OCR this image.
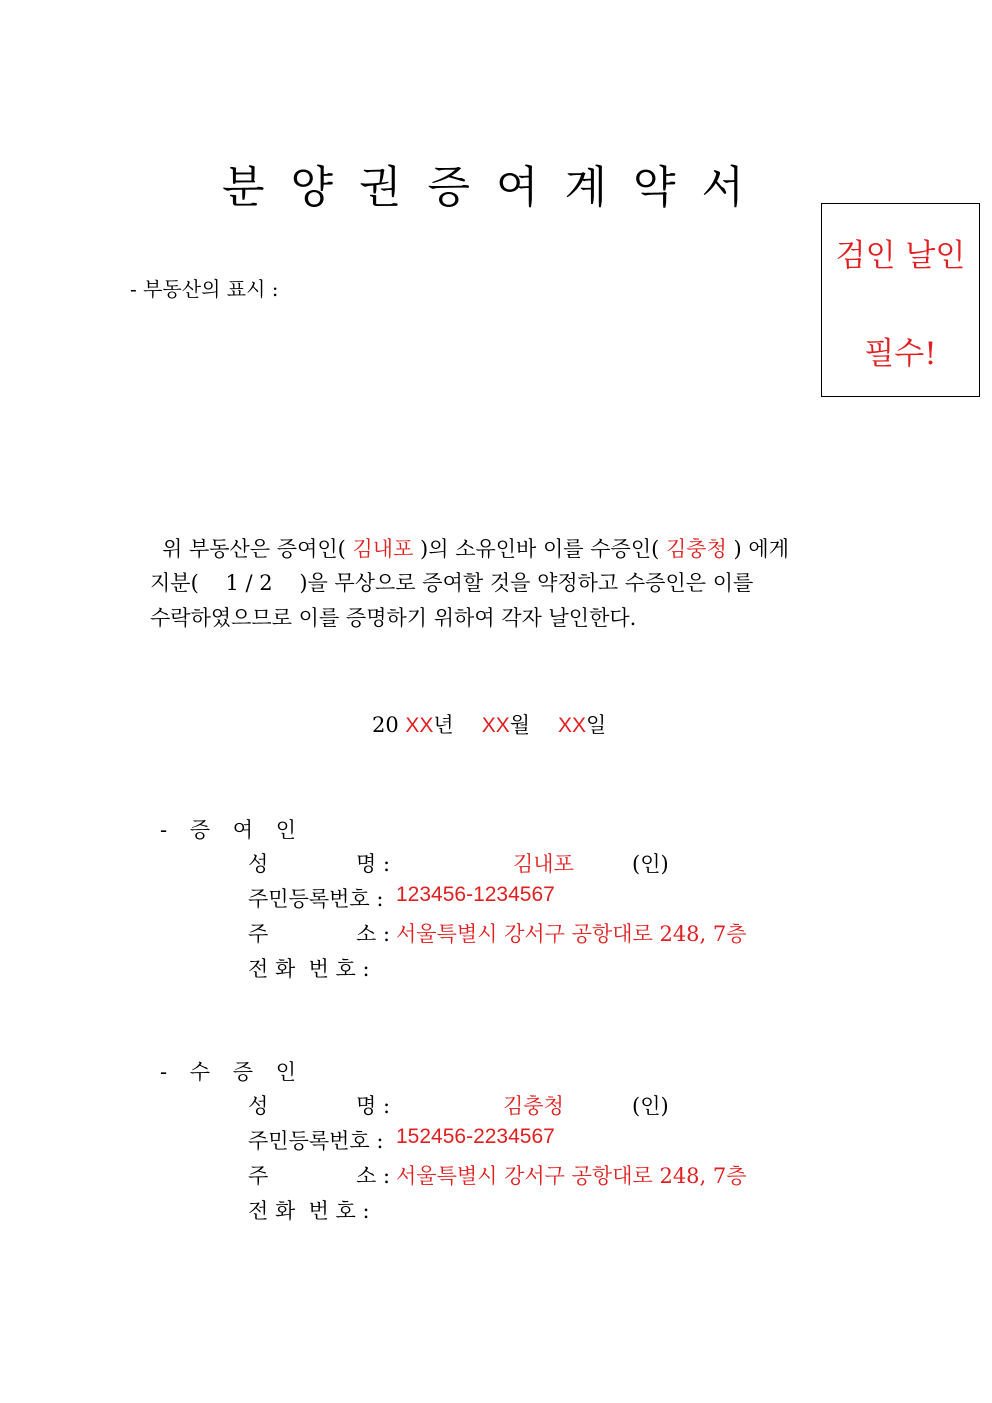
분양권증여계약서
검인 날인
필수!
- 부동산의 표시 :
위 부동산은 증여인( 김내포 )의 소유인바 이를 수증인( 김충청 ) 에게
지분(    1 / 2    )을 무상으로 증여할 것을 약정하고 수증인은 이를
수락하였으므로 이를 증명하기 위하여 각자 날인한다.
20 XX년 XX월 XX일
- 증 여 인
성	명 :	김내포	(인)
주민등록번호 : 123456-1234567
주	소 : 서울특별시 강서구 공항대로 248, 7층
전 화  번 호 :
- 수 증 인
성	명 :	김충청	(인)
주민등록번호 : 152456-2234567
주	소 : 서울특별시 강서구 공항대로 248, 7층
전 화  번 호 :
